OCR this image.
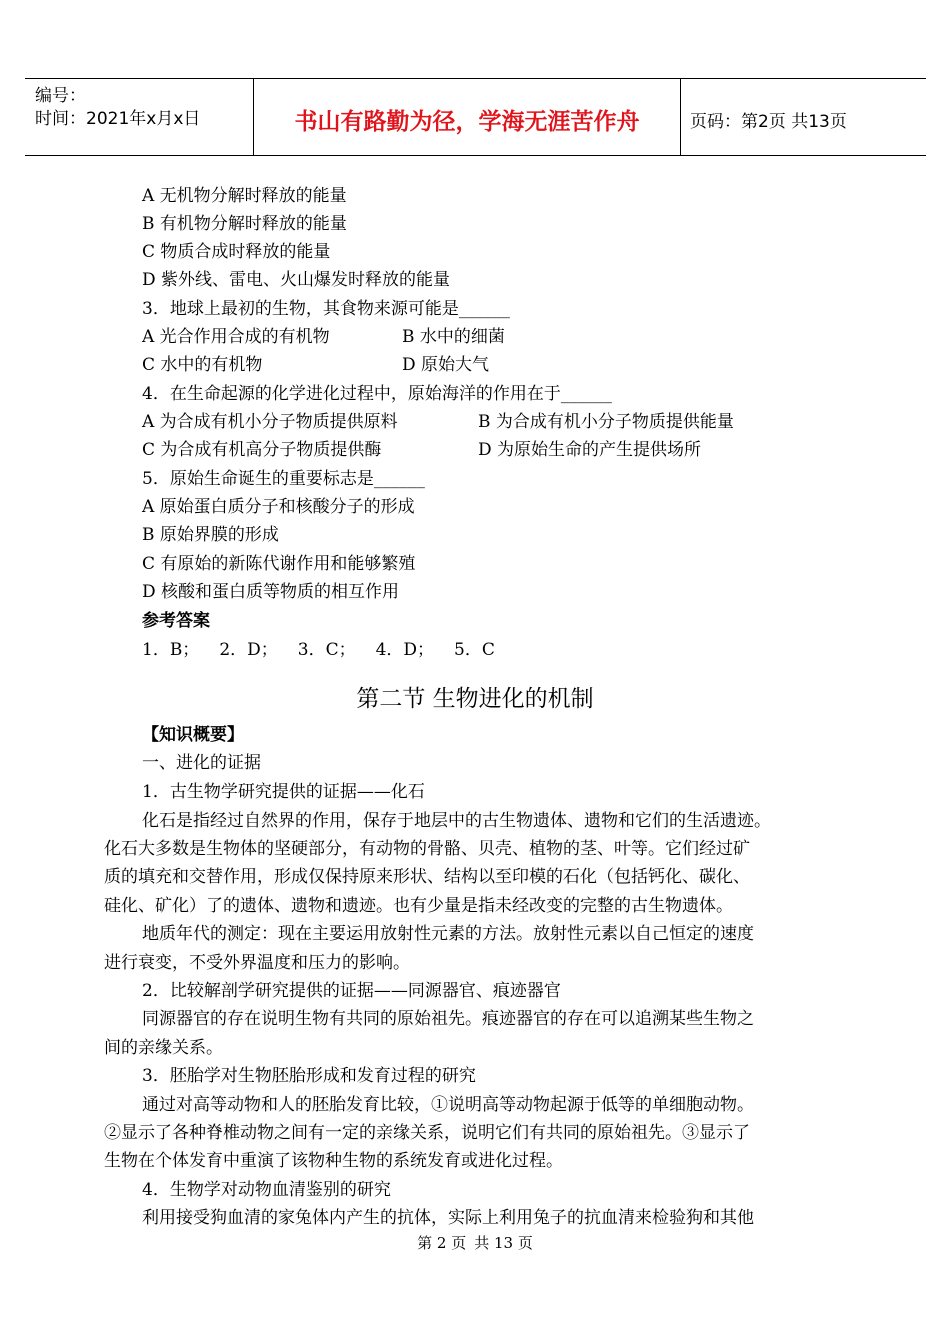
编号：
时间：2021年x月x日	书山有路勤为径，学海无涯苦作舟	页码：第2页 共13页
A 无机物分解时释放的能量
B 有机物分解时释放的能量
C 物质合成时释放的能量
D 紫外线、雷电、火山爆发时释放的能量
3．地球上最初的生物，其食物来源可能是______
A 光合作用合成的有机物	B 水中的细菌
C 水中的有机物	D 原始大气
4．在生命起源的化学进化过程中，原始海洋的作用在于______
A 为合成有机小分子物质提供原料	B 为合成有机小分子物质提供能量
C 为合成有机高分子物质提供酶	D 为原始生命的产生提供场所
5．原始生命诞生的重要标志是______
A 原始蛋白质分子和核酸分子的形成
B 原始界膜的形成
C 有原始的新陈代谢作用和能够繁殖
D 核酸和蛋白质等物质的相互作用
参考答案
1．B； 2．D； 3．C； 4．D； 5．C
第二节 生物进化的机制
【知识概要】
一、进化的证据
1．古生物学研究提供的证据——化石
化石是指经过自然界的作用，保存于地层中的古生物遗体、遗物和它们的生活遗迹。
化石大多数是生物体的坚硬部分，有动物的骨骼、贝壳、植物的茎、叶等。它们经过矿
质的填充和交替作用，形成仅保持原来形状、结构以至印模的石化（包括钙化、碳化、
硅化、矿化）了的遗体、遗物和遗迹。也有少量是指未经改变的完整的古生物遗体。
地质年代的测定：现在主要运用放射性元素的方法。放射性元素以自己恒定的速度
进行衰变，不受外界温度和压力的影响。
2．比较解剖学研究提供的证据——同源器官、痕迹器官
同源器官的存在说明生物有共同的原始祖先。痕迹器官的存在可以追溯某些生物之
间的亲缘关系。
3．胚胎学对生物胚胎形成和发育过程的研究
通过对高等动物和人的胚胎发育比较，①说明高等动物起源于低等的单细胞动物。
②显示了各种脊椎动物之间有一定的亲缘关系，说明它们有共同的原始祖先。③显示了
生物在个体发育中重演了该物种生物的系统发育或进化过程。
4．生物学对动物血清鉴别的研究
利用接受狗血清的家兔体内产生的抗体，实际上利用兔子的抗血清来检验狗和其他
第 2 页 共 13 页
